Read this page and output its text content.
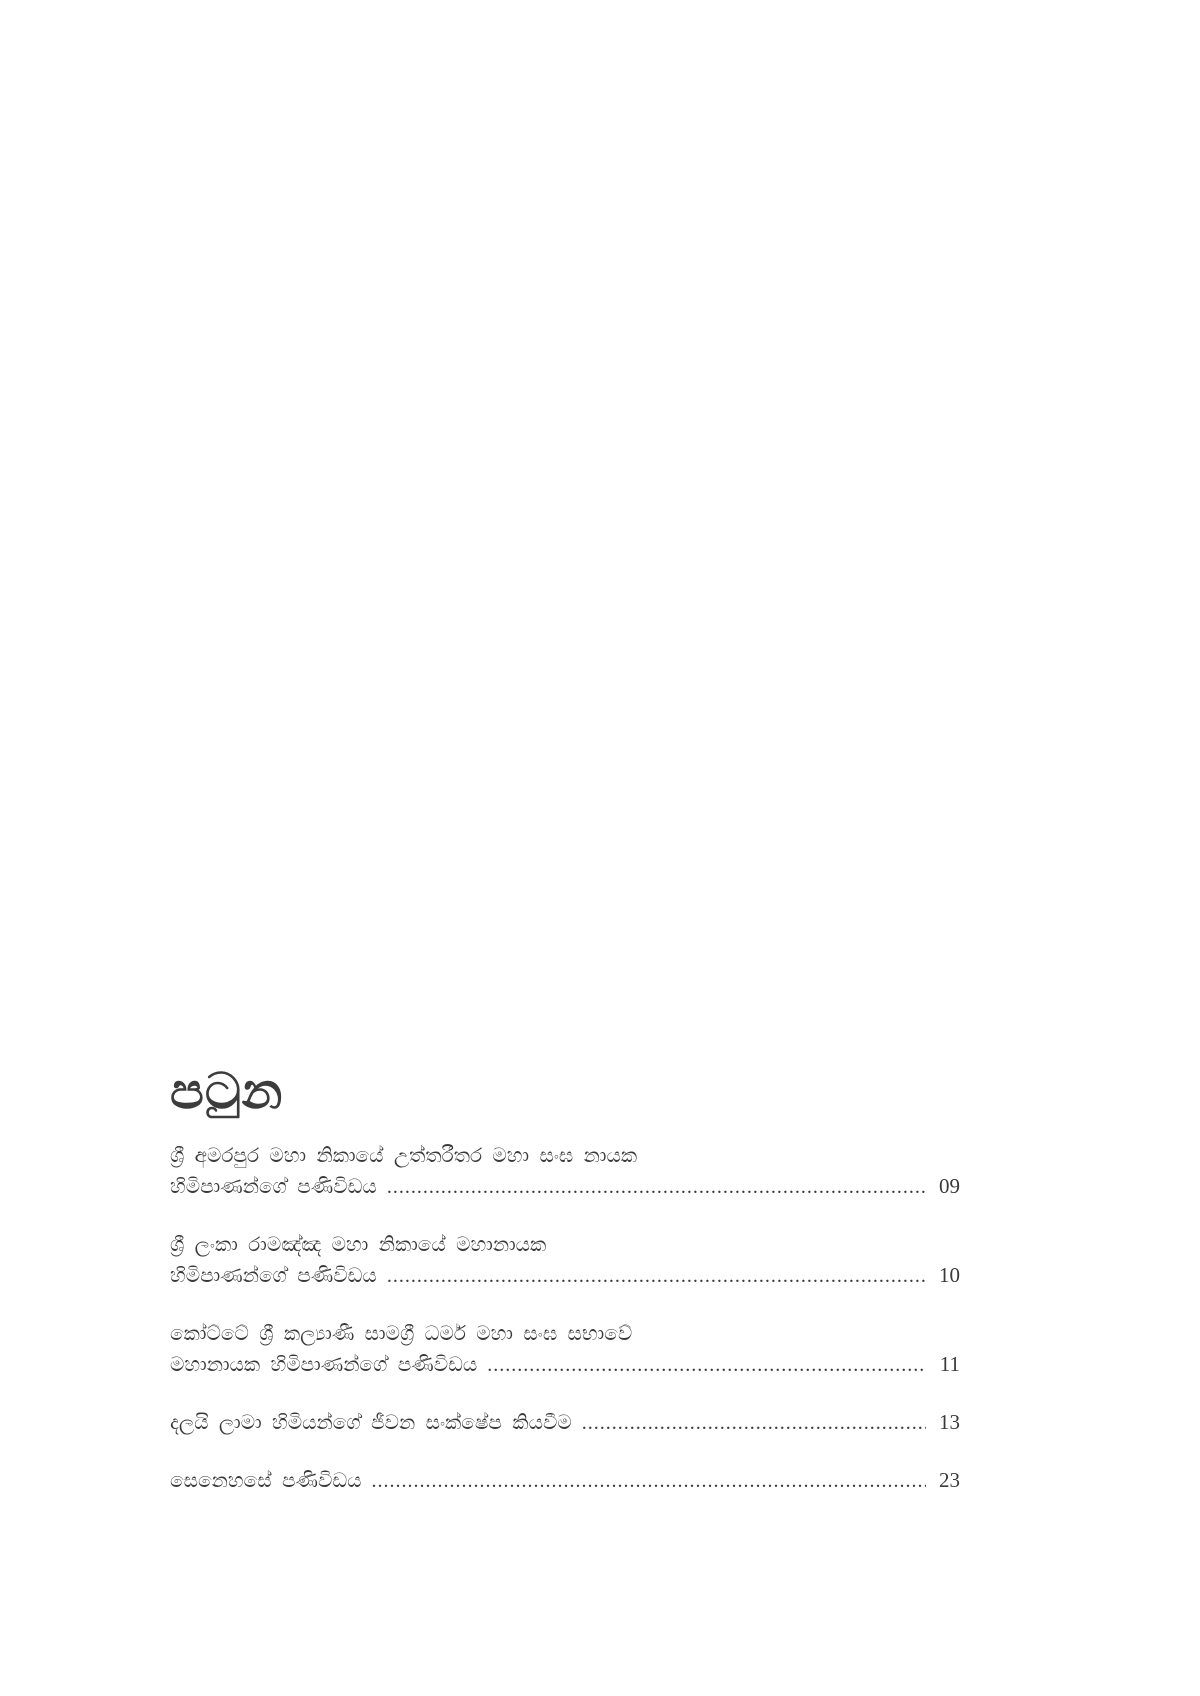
පටුන
ශ්‍රී අමරපුර මහා නිකායේ උත්තරීතර මහා සංඝ නායක
හිමිපාණන්ගේ පණිවිඩය .....	09
ශ්‍රී ලංකා රාමඤ්ඤ මහා නිකායේ මහානායක
හිමිපාණන්ගේ පණිවිඩය .....	10
කෝට්ටේ ශ්‍රී කල්‍යාණී සාමග්‍රී ධර්ම මහා සංඝ සභාවේ
මහානායක හිමිපාණන්ගේ පණිවිඩය .....	11
දලයි ලාමා හිමියන්ගේ ජීවන සංක්ෂේප කියවීම .....	13
සෙනෙහසේ පණිවිඩය .....	23
